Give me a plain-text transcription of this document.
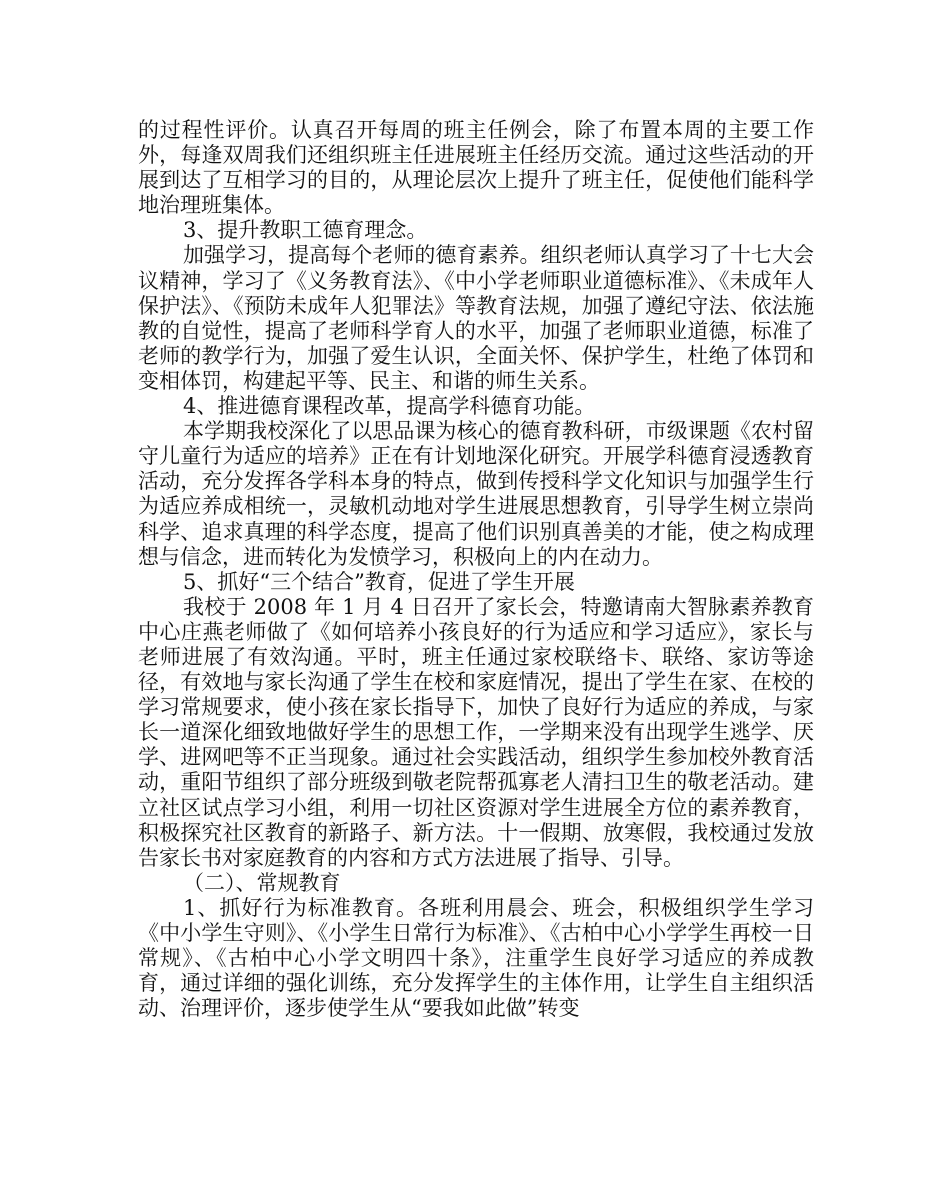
的过程性评价。认真召开每周的班主任例会，除了布置本周的主要工作外，每逢双周我们还组织班主任进展班主任经历交流。通过这些活动的开展到达了互相学习的目的，从理论层次上提升了班主任，促使他们能科学地治理班集体。

3、提升教职工德育理念。

加强学习，提高每个老师的德育素养。组织老师认真学习了十七大会议精神，学习了《义务教育法》、《中小学老师职业道德标准》、《未成年人保护法》、《预防未成年人犯罪法》等教育法规，加强了遵纪守法、依法施教的自觉性，提高了老师科学育人的水平，加强了老师职业道德，标准了老师的教学行为，加强了爱生认识，全面关怀、保护学生，杜绝了体罚和变相体罚，构建起平等、民主、和谐的师生关系。

4、推进德育课程改革，提高学科德育功能。

本学期我校深化了以思品课为核心的德育教科研，市级课题《农村留守儿童行为适应的培养》正在有计划地深化研究。开展学科德育浸透教育活动，充分发挥各学科本身的特点，做到传授科学文化知识与加强学生行为适应养成相统一，灵敏机动地对学生进展思想教育，引导学生树立崇尚科学、追求真理的科学态度，提高了他们识别真善美的才能，使之构成理想与信念，进而转化为发愤学习，积极向上的内在动力。

5、抓好“三个结合”教育，促进了学生开展

我校于 2008 年 1 月 4 日召开了家长会，特邀请南大智脉素养教育中心庄燕老师做了《如何培养小孩良好的行为适应和学习适应》，家长与老师进展了有效沟通。平时，班主任通过家校联络卡、联络、家访等途径，有效地与家长沟通了学生在校和家庭情况，提出了学生在家、在校的学习常规要求，使小孩在家长指导下，加快了良好行为适应的养成，与家长一道深化细致地做好学生的思想工作，一学期来没有出现学生逃学、厌学、进网吧等不正当现象。通过社会实践活动，组织学生参加校外教育活动，重阳节组织了部分班级到敬老院帮孤寡老人清扫卫生的敬老活动。建立社区试点学习小组，利用一切社区资源对学生进展全方位的素养教育，积极探究社区教育的新路子、新方法。十一假期、放寒假，我校通过发放告家长书对家庭教育的内容和方式方法进展了指导、引导。

（二）、常规教育

1、抓好行为标准教育。各班利用晨会、班会，积极组织学生学习《中小学生守则》、《小学生日常行为标准》、《古柏中心小学学生再校一日常规》、《古柏中心小学文明四十条》，注重学生良好学习适应的养成教育，通过详细的强化训练，充分发挥学生的主体作用，让学生自主组织活动、治理评价，逐步使学生从“要我如此做”转变
